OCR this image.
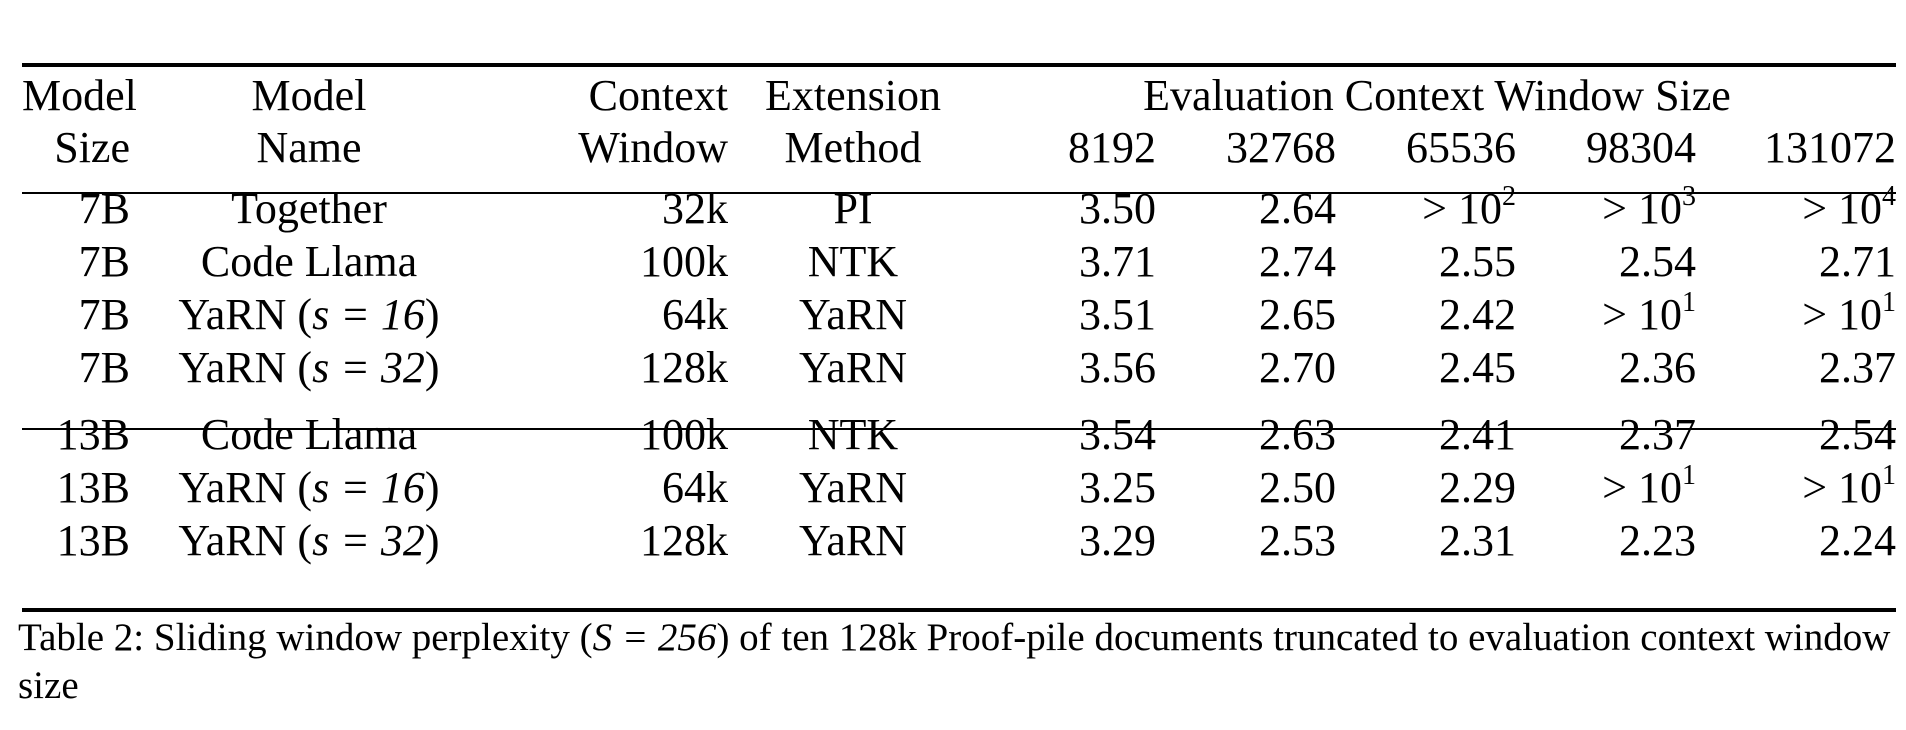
Model	Model	Context	Extension	Evaluation Context Window Size				
Size	Name	Window	Method	8192	32768	65536	98304	131072

7B	Together	32k	PI	3.50	2.64	> $10^2$	> $10^3$	> $10^4$
7B	Code Llama	100k	NTK	3.71	2.74	2.55	2.54	2.71
7B	YaRN (s = 16)	64k	YaRN	3.51	2.65	2.42	> $10^1$	> $10^1$
7B	YaRN (s = 32)	128k	YaRN	3.56	2.70	2.45	2.36	2.37

13B	Code Llama	100k	NTK	3.54	2.63	2.41	2.37	2.54
13B	YaRN (s = 16)	64k	YaRN	3.25	2.50	2.29	> $10^1$	> $10^1$
13B	YaRN (s = 32)	128k	YaRN	3.29	2.53	2.31	2.23	2.24
Table 2: Sliding window perplexity (S = 256) of ten 128k Proof-pile documents truncated to evaluation context window size
